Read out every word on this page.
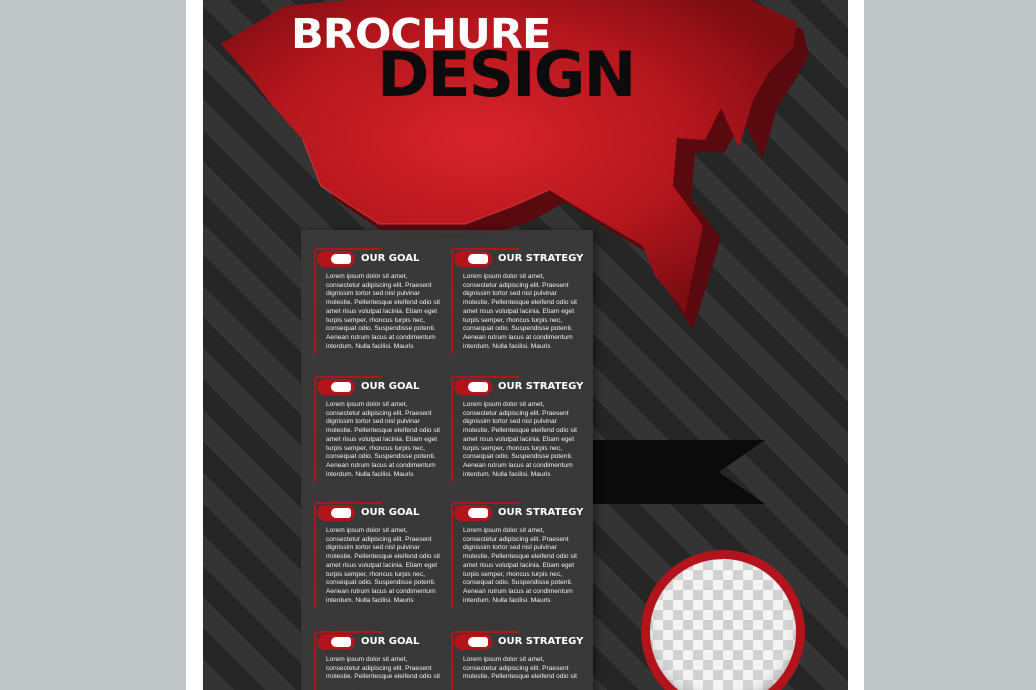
BROCHURE
DESIGN
OUR GOAL
Lorem ipsum dolor sit amet,
consectetur adipiscing elit. Praesent
dignissim tortor sed nisl pulvinar
molestie. Pellentesque eleifend odio sit
amet risus volutpat lacinia. Etiam eget
turpis semper, rhoncus turpis nec,
consequat odio. Suspendisse potenti.
Aenean rutrum lacus at condimentum
interdum. Nulla facilisi. Mauris
OUR STRATEGY
Lorem ipsum dolor sit amet,
consectetur adipiscing elit. Praesent
dignissim tortor sed nisl pulvinar
molestie. Pellentesque eleifend odio sit
amet risus volutpat lacinia. Etiam eget
turpis semper, rhoncus turpis nec,
consequat odio. Suspendisse potenti.
Aenean rutrum lacus at condimentum
interdum. Nulla facilisi. Mauris
OUR GOAL
Lorem ipsum dolor sit amet,
consectetur adipiscing elit. Praesent
dignissim tortor sed nisl pulvinar
molestie. Pellentesque eleifend odio sit
amet risus volutpat lacinia. Etiam eget
turpis semper, rhoncus turpis nec,
consequat odio. Suspendisse potenti.
Aenean rutrum lacus at condimentum
interdum. Nulla facilisi. Mauris
OUR STRATEGY
Lorem ipsum dolor sit amet,
consectetur adipiscing elit. Praesent
dignissim tortor sed nisl pulvinar
molestie. Pellentesque eleifend odio sit
amet risus volutpat lacinia. Etiam eget
turpis semper, rhoncus turpis nec,
consequat odio. Suspendisse potenti.
Aenean rutrum lacus at condimentum
interdum. Nulla facilisi. Mauris
OUR GOAL
Lorem ipsum dolor sit amet,
consectetur adipiscing elit. Praesent
dignissim tortor sed nisl pulvinar
molestie. Pellentesque eleifend odio sit
amet risus volutpat lacinia. Etiam eget
turpis semper, rhoncus turpis nec,
consequat odio. Suspendisse potenti.
Aenean rutrum lacus at condimentum
interdum. Nulla facilisi. Mauris
OUR STRATEGY
Lorem ipsum dolor sit amet,
consectetur adipiscing elit. Praesent
dignissim tortor sed nisl pulvinar
molestie. Pellentesque eleifend odio sit
amet risus volutpat lacinia. Etiam eget
turpis semper, rhoncus turpis nec,
consequat odio. Suspendisse potenti.
Aenean rutrum lacus at condimentum
interdum. Nulla facilisi. Mauris
OUR GOAL
Lorem ipsum dolor sit amet,
consectetur adipiscing elit. Praesent
molestie. Pellentesque eleifend odio sit
OUR STRATEGY
Lorem ipsum dolor sit amet,
consectetur adipiscing elit. Praesent
molestie. Pellentesque eleifend odio sit
